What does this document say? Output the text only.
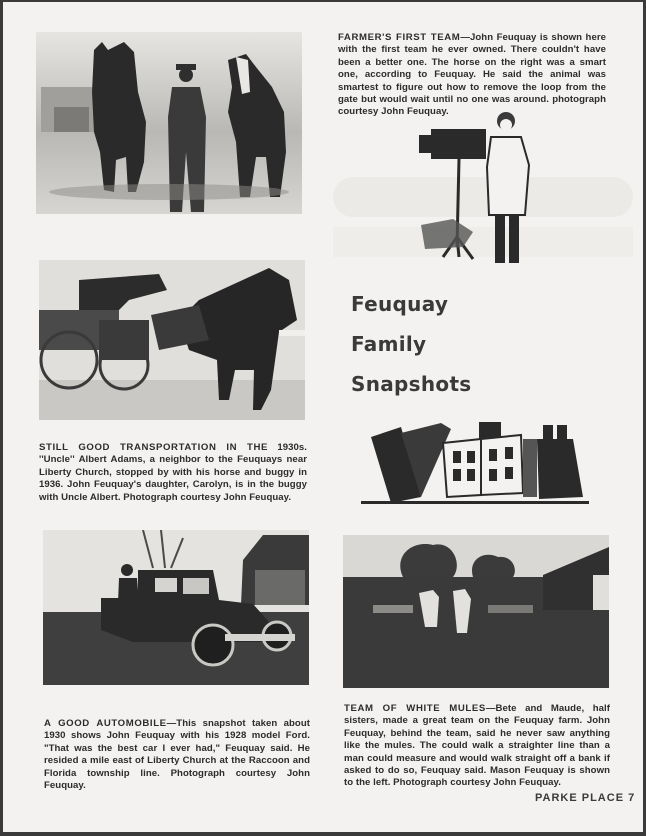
FARMER'S FIRST TEAM—John Feuquay is shown here with the first team he ever owned. There couldn't have been a better one. The horse on the right was a smart one, according to Feuquay. He said the animal was smartest to figure out how to remove the loop from the gate but would wait until no one was around. photograph courtesy John Feuquay.
Feuquay
Family
Snapshots
STILL GOOD TRANSPORTATION IN THE 1930s. ''Uncle'' Albert Adams, a neighbor to the Feuquays near Liberty Church, stopped by with his horse and buggy in 1936. John Feuquay's daughter, Carolyn, is in the buggy with Uncle Albert. Photograph courtesy John Feuquay.
A GOOD AUTOMOBILE—This snapshot taken about 1930 shows John Feuquay with his 1928 model Ford. "That was the best car I ever had," Feuquay said. He resided a mile east of Liberty Church at the Raccoon and Florida township line. Photograph courtesy John Feuquay.
TEAM OF WHITE MULES—Bete and Maude, half sisters, made a great team on the Feuquay farm. John Feuquay, behind the team, said he never saw anything like the mules. The could walk a straighter line than a man could measure and would walk straight off a bank if asked to do so, Feuquay said. Mason Feuquay is shown to the left. Photograph courtesy John Feuquay.
PARKE PLACE 7
